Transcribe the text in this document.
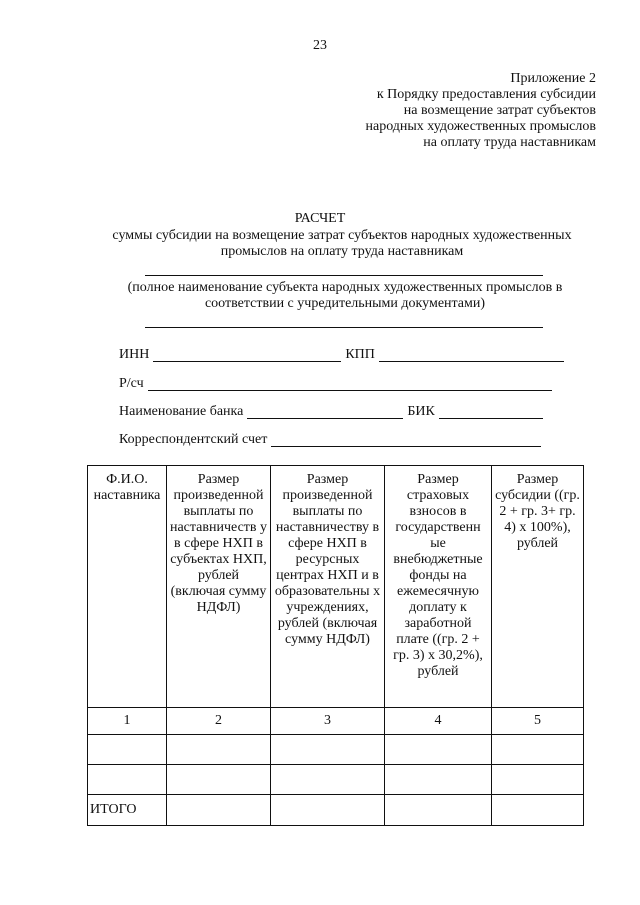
23
Приложение 2
к Порядку предоставления субсидии
на возмещение затрат субъектов
народных художественных промыслов
на оплату труда наставникам
РАСЧЕТ
суммы субсидии на возмещение затрат субъектов народных художественных промыслов на оплату труда наставникам
(полное наименование субъекта народных художественных промыслов в соответствии с учредительными документами)
ИНН	КПП
Р/сч
Наименование банка	БИК
Корреспондентский счет
Ф.И.О. наставника	Размер произведенной выплаты по наставничеств у в сфере НХП в субъектах НХП, рублей (включая сумму НДФЛ)	Размер произведенной выплаты по наставничеству в сфере НХП в ресурсных центрах НХП и в образовательны х учреждениях, рублей (включая сумму НДФЛ)	Размер страховых взносов в государственн ые внебюджетные фонды на ежемесячную доплату к заработной плате ((гр. 2 + гр. 3) х 30,2%), рублей	Размер субсидии ((гр. 2 + гр. 3+ гр. 4) х 100%), рублей
1	2	3	4	5

ИТОГО				
